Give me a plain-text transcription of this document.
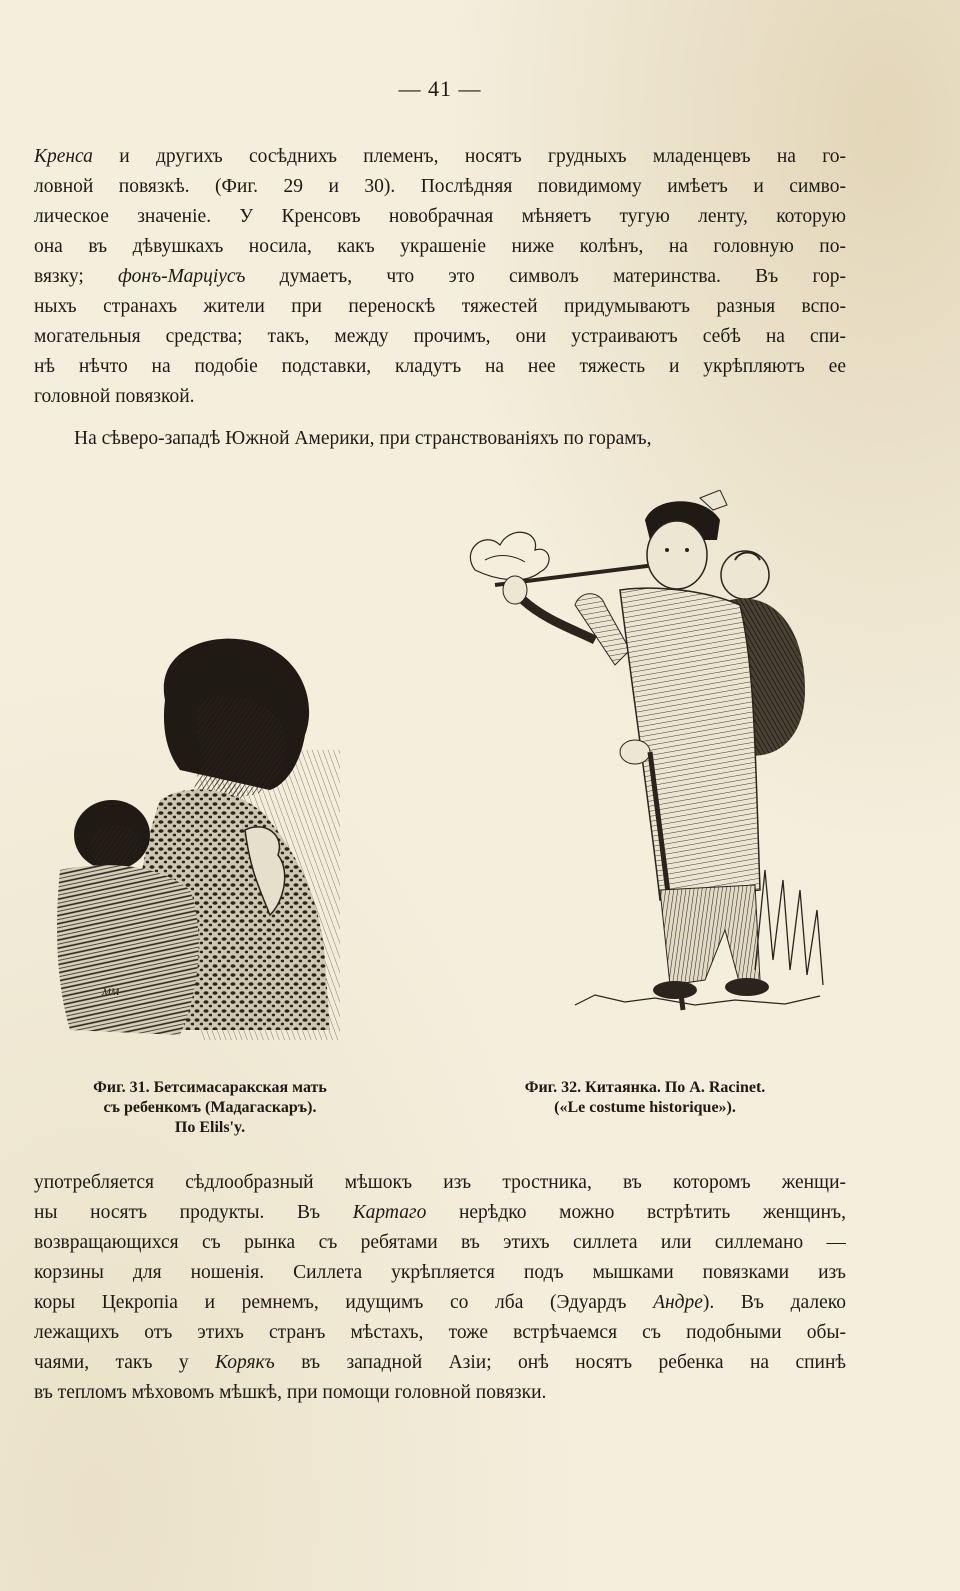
— 41 —
Кренса и другихъ сосѣднихъ племенъ, носятъ грудныхъ младенцевъ на го-
ловной повязкѣ. (Фиг. 29 и 30). Послѣдняя повидимому имѣетъ и симво-
лическое значеніе. У Кренсовъ новобрачная мѣняетъ тугую ленту, которую
она въ дѣвушкахъ носила, какъ украшеніе ниже колѣнъ, на головную по-
вязку; фонъ-Марціусъ думаетъ, что это символъ материнства. Въ гор-
ныхъ странахъ жители при переноскѣ тяжестей придумываютъ разныя вспо-
могательныя средства; такъ, между прочимъ, они устраиваютъ себѣ на спи-
нѣ нѣчто на подобіе подставки, кладутъ на нее тяжесть и укрѣпляютъ ее
головной повязкой.
На сѣверо-западѣ Южной Америки, при странствованіяхъ по горамъ,
ᴍᴍ
Фиг. 31. Бетсимасаракская мать
съ ребенкомъ (Мадагаскаръ).
По Elils'y.
Фиг. 32. Китаянка. По A. Racinet.
(«Le costume historique»).
употребляется сѣдлообразный мѣшокъ изъ тростника, въ которомъ женщи-
ны носятъ продукты. Въ Картаго нерѣдко можно встрѣтить женщинъ,
возвращающихся съ рынка съ ребятами въ этихъ силлета или силлемано —
корзины для ношенія. Силлета укрѣпляется подъ мышками повязками изъ
коры Цекропіа и ремнемъ, идущимъ со лба (Эдуардъ Андре). Въ далеко
лежащихъ отъ этихъ странъ мѣстахъ, тоже встрѣчаемся съ подобными обы-
чаями, такъ у Корякъ въ западной Азіи; онѣ носятъ ребенка на спинѣ
въ тепломъ мѣховомъ мѣшкѣ, при помощи головной повязки.
